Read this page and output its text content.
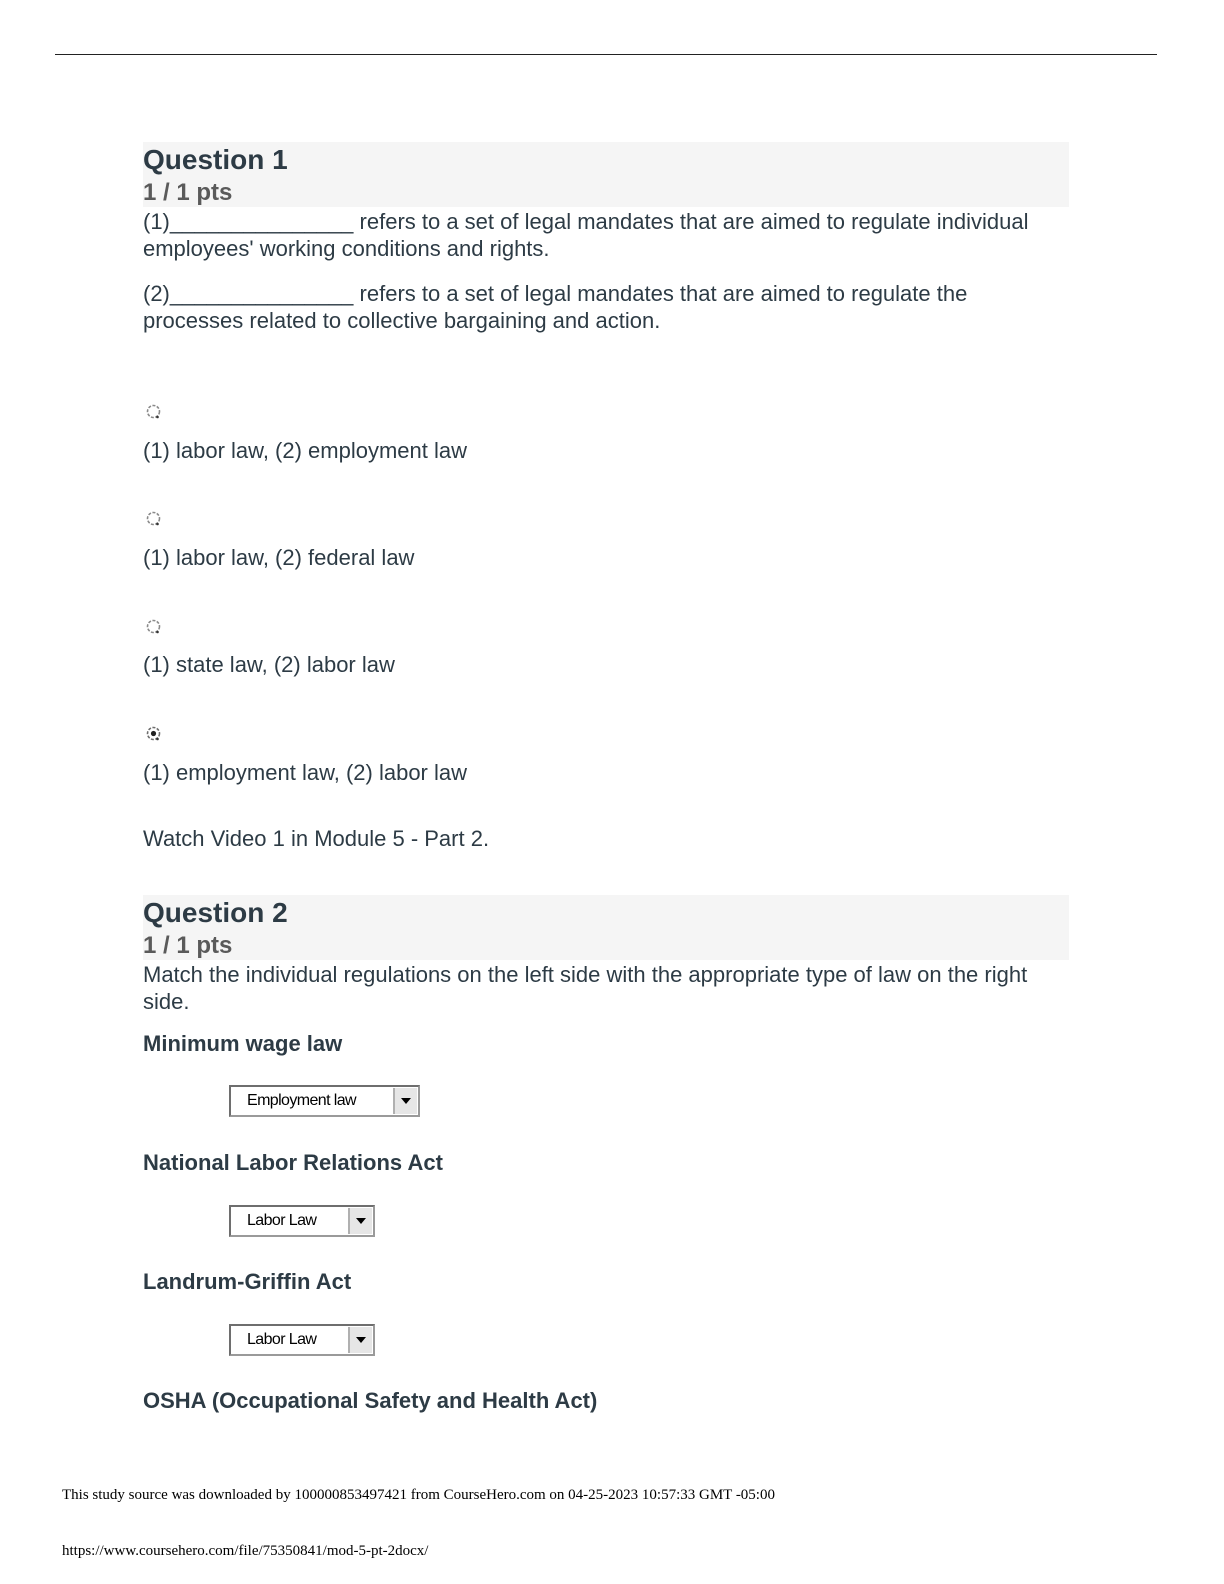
Question 1
1 / 1 pts
(1)_______________ refers to a set of legal mandates that are aimed to regulate individual employees' working conditions and rights.
(2)_______________ refers to a set of legal mandates that are aimed to regulate the processes related to collective bargaining and action.
(1) labor law, (2) employment law
(1) labor law, (2) federal law
(1) state law, (2) labor law
(1) employment law, (2) labor law
Watch Video 1 in Module 5 - Part 2.
Question 2
1 / 1 pts
Match the individual regulations on the left side with the appropriate type of law on the right side.
Minimum wage law
Employment law
National Labor Relations Act
Labor Law
Landrum-Griffin Act
Labor Law
OSHA (Occupational Safety and Health Act)
This study source was downloaded by 100000853497421 from CourseHero.com on 04-25-2023 10:57:33 GMT -05:00
https://www.coursehero.com/file/75350841/mod-5-pt-2docx/
